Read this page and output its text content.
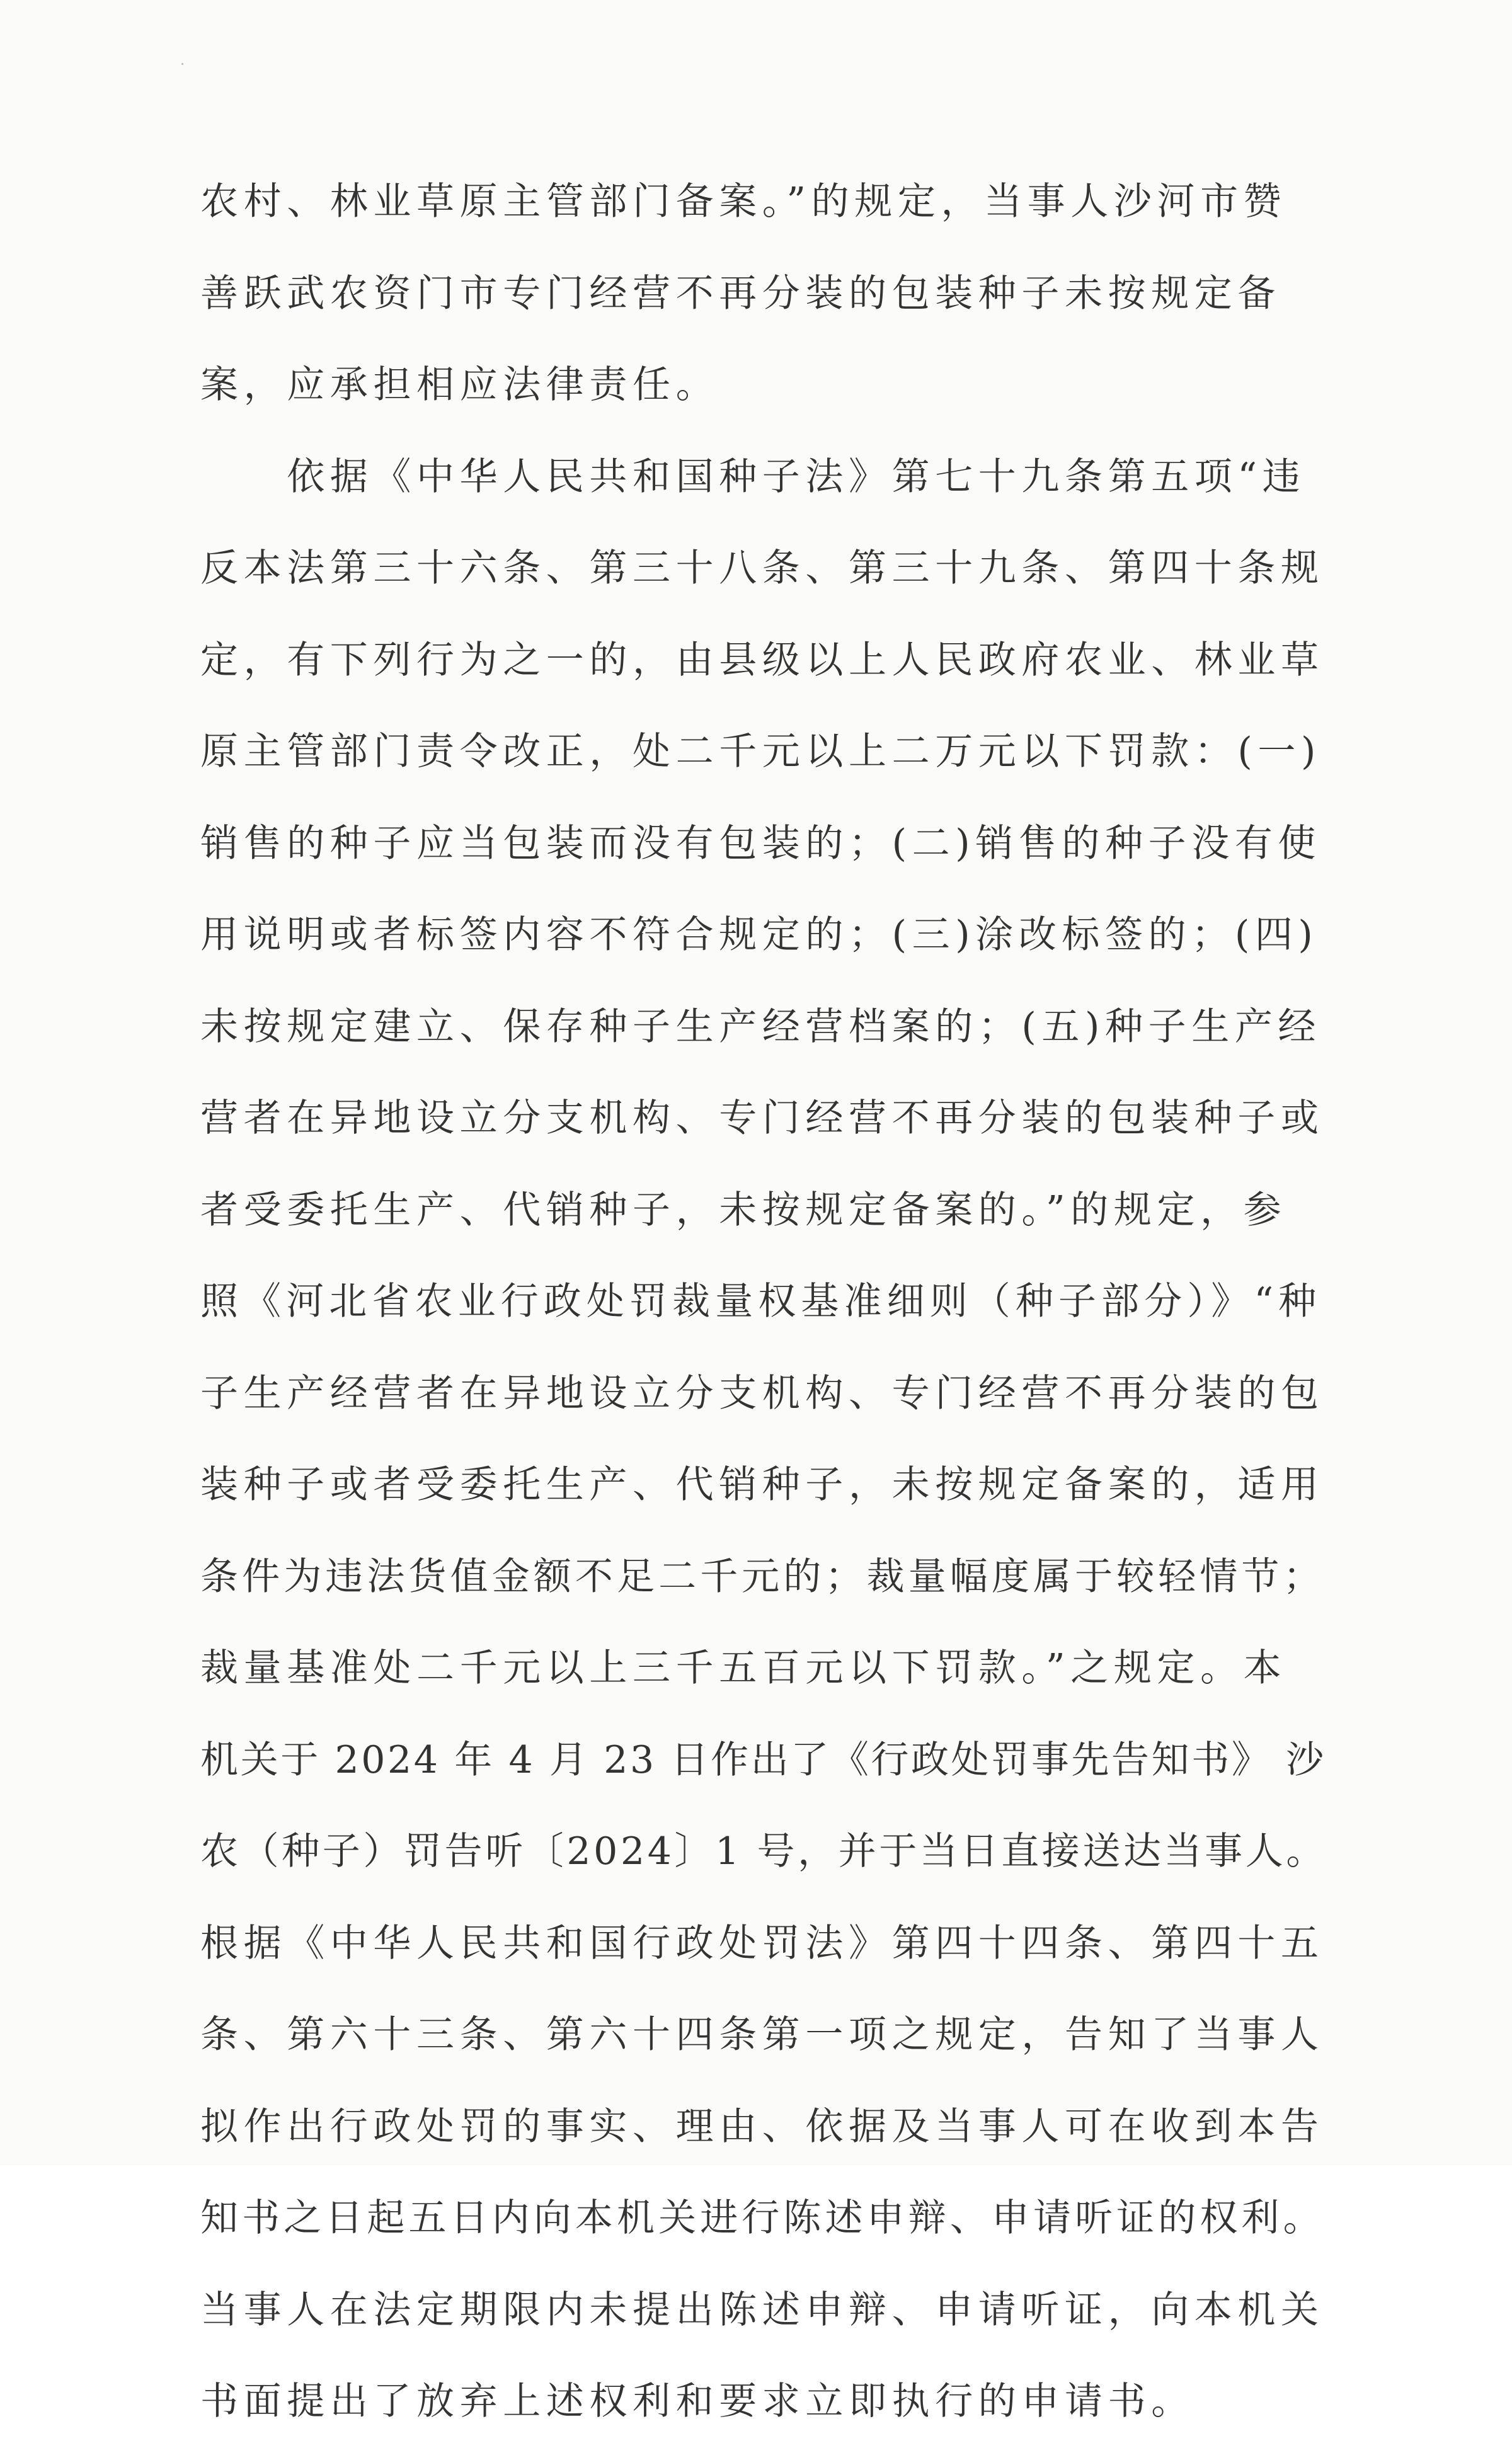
农村、林业草原主管部门备案。”的规定，当事人沙河市赞
善跃武农资门市专门经营不再分装的包装种子未按规定备
案，应承担相应法律责任。
　　依据《中华人民共和国种子法》第七十九条第五项“违
反本法第三十六条、第三十八条、第三十九条、第四十条规
定，有下列行为之一的，由县级以上人民政府农业、林业草
原主管部门责令改正，处二千元以上二万元以下罚款：(一)
销售的种子应当包装而没有包装的；(二)销售的种子没有使
用说明或者标签内容不符合规定的；(三)涂改标签的；(四)
未按规定建立、保存种子生产经营档案的；(五)种子生产经
营者在异地设立分支机构、专门经营不再分装的包装种子或
者受委托生产、代销种子，未按规定备案的。”的规定，参
照《河北省农业行政处罚裁量权基准细则（种子部分）》“种
子生产经营者在异地设立分支机构、专门经营不再分装的包
装种子或者受委托生产、代销种子，未按规定备案的，适用
条件为违法货值金额不足二千元的；裁量幅度属于较轻情节；
裁量基准处二千元以上三千五百元以下罚款。”之规定。本
机关于 2024 年 4 月 23 日作出了《行政处罚事先告知书》 沙
农（种子）罚告听〔2024〕1 号，并于当日直接送达当事人。
根据《中华人民共和国行政处罚法》第四十四条、第四十五
条、第六十三条、第六十四条第一项之规定，告知了当事人
拟作出行政处罚的事实、理由、依据及当事人可在收到本告
知书之日起五日内向本机关进行陈述申辩、申请听证的权利。
当事人在法定期限内未提出陈述申辩、申请听证，向本机关
书面提出了放弃上述权利和要求立即执行的申请书。
